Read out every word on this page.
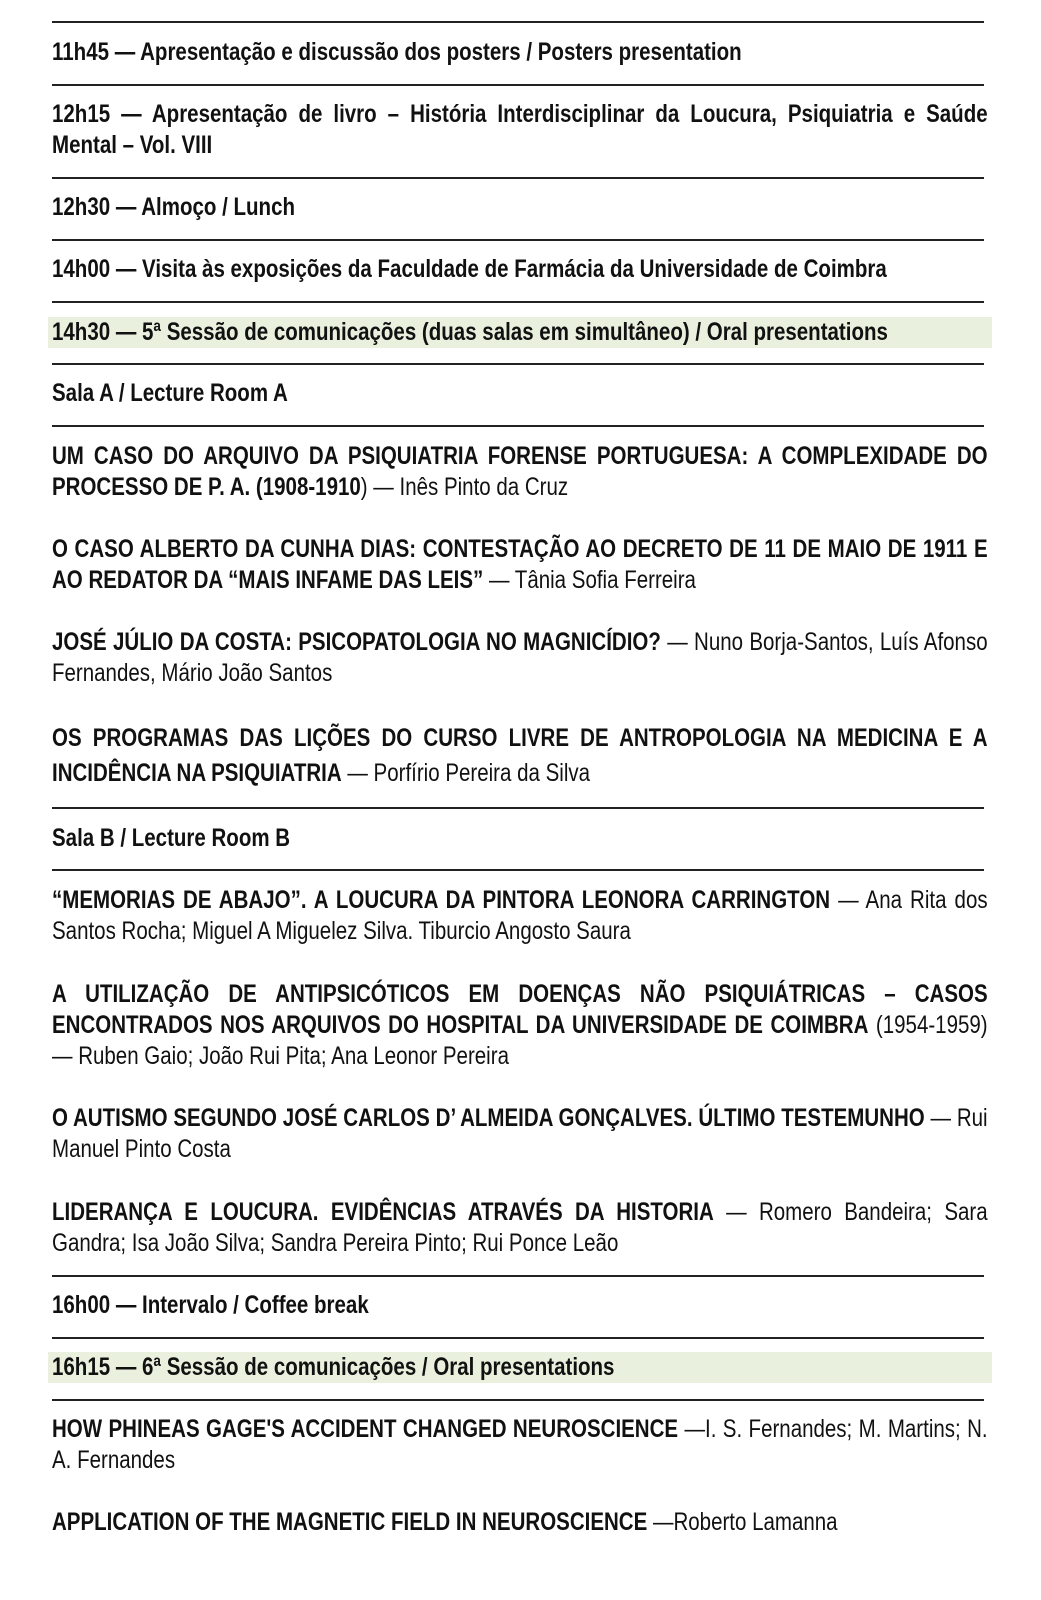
11h45 — Apresentação e discussão dos posters / Posters presentation
12h15 — Apresentação de livro – História Interdisciplinar da Loucura, Psiquiatria e Saúde Mental – Vol. VIII
12h30 — Almoço / Lunch
14h00 — Visita às exposições da Faculdade de Farmácia da Universidade de Coimbra
14h30 — 5ª Sessão de comunicações (duas salas em simultâneo) / Oral presentations
Sala A / Lecture Room A
UM CASO DO ARQUIVO DA PSIQUIATRIA FORENSE PORTUGUESA: A COMPLEXIDADE DO PROCESSO DE P. A. (1908-1910) — Inês Pinto da Cruz
O CASO ALBERTO DA CUNHA DIAS: CONTESTAÇÃO AO DECRETO DE 11 DE MAIO DE 1911 E AO REDATOR DA “MAIS INFAME DAS LEIS” — Tânia Sofia Ferreira
JOSÉ JÚLIO DA COSTA: PSICOPATOLOGIA NO MAGNICÍDIO? — Nuno Borja-Santos, Luís Afonso Fernandes, Mário João Santos
OS PROGRAMAS DAS LIÇÕES DO CURSO LIVRE DE ANTROPOLOGIA NA MEDICINA E A INCIDÊNCIA NA PSIQUIATRIA — Porfírio Pereira da Silva
Sala B / Lecture Room B
“MEMORIAS DE ABAJO”. A LOUCURA DA PINTORA LEONORA CARRINGTON — Ana Rita dos Santos Rocha; Miguel A Miguelez Silva. Tiburcio Angosto Saura
A UTILIZAÇÃO DE ANTIPSICÓTICOS EM DOENÇAS NÃO PSIQUIÁTRICAS – CASOS ENCONTRADOS NOS ARQUIVOS DO HOSPITAL DA UNIVERSIDADE DE COIMBRA (1954-1959) — Ruben Gaio; João Rui Pita; Ana Leonor Pereira
O AUTISMO SEGUNDO JOSÉ CARLOS D’ ALMEIDA GONÇALVES. ÚLTIMO TESTEMUNHO — Rui Manuel Pinto Costa
LIDERANÇA E LOUCURA. EVIDÊNCIAS ATRAVÉS DA HISTORIA — Romero Bandeira; Sara Gandra; Isa João Silva; Sandra Pereira Pinto; Rui Ponce Leão
16h00 — Intervalo / Coffee break
16h15 — 6ª Sessão de comunicações / Oral presentations
HOW PHINEAS GAGE'S ACCIDENT CHANGED NEUROSCIENCE —I. S. Fernandes; M. Martins; N. A. Fernandes
APPLICATION OF THE MAGNETIC FIELD IN NEUROSCIENCE —Roberto Lamanna
